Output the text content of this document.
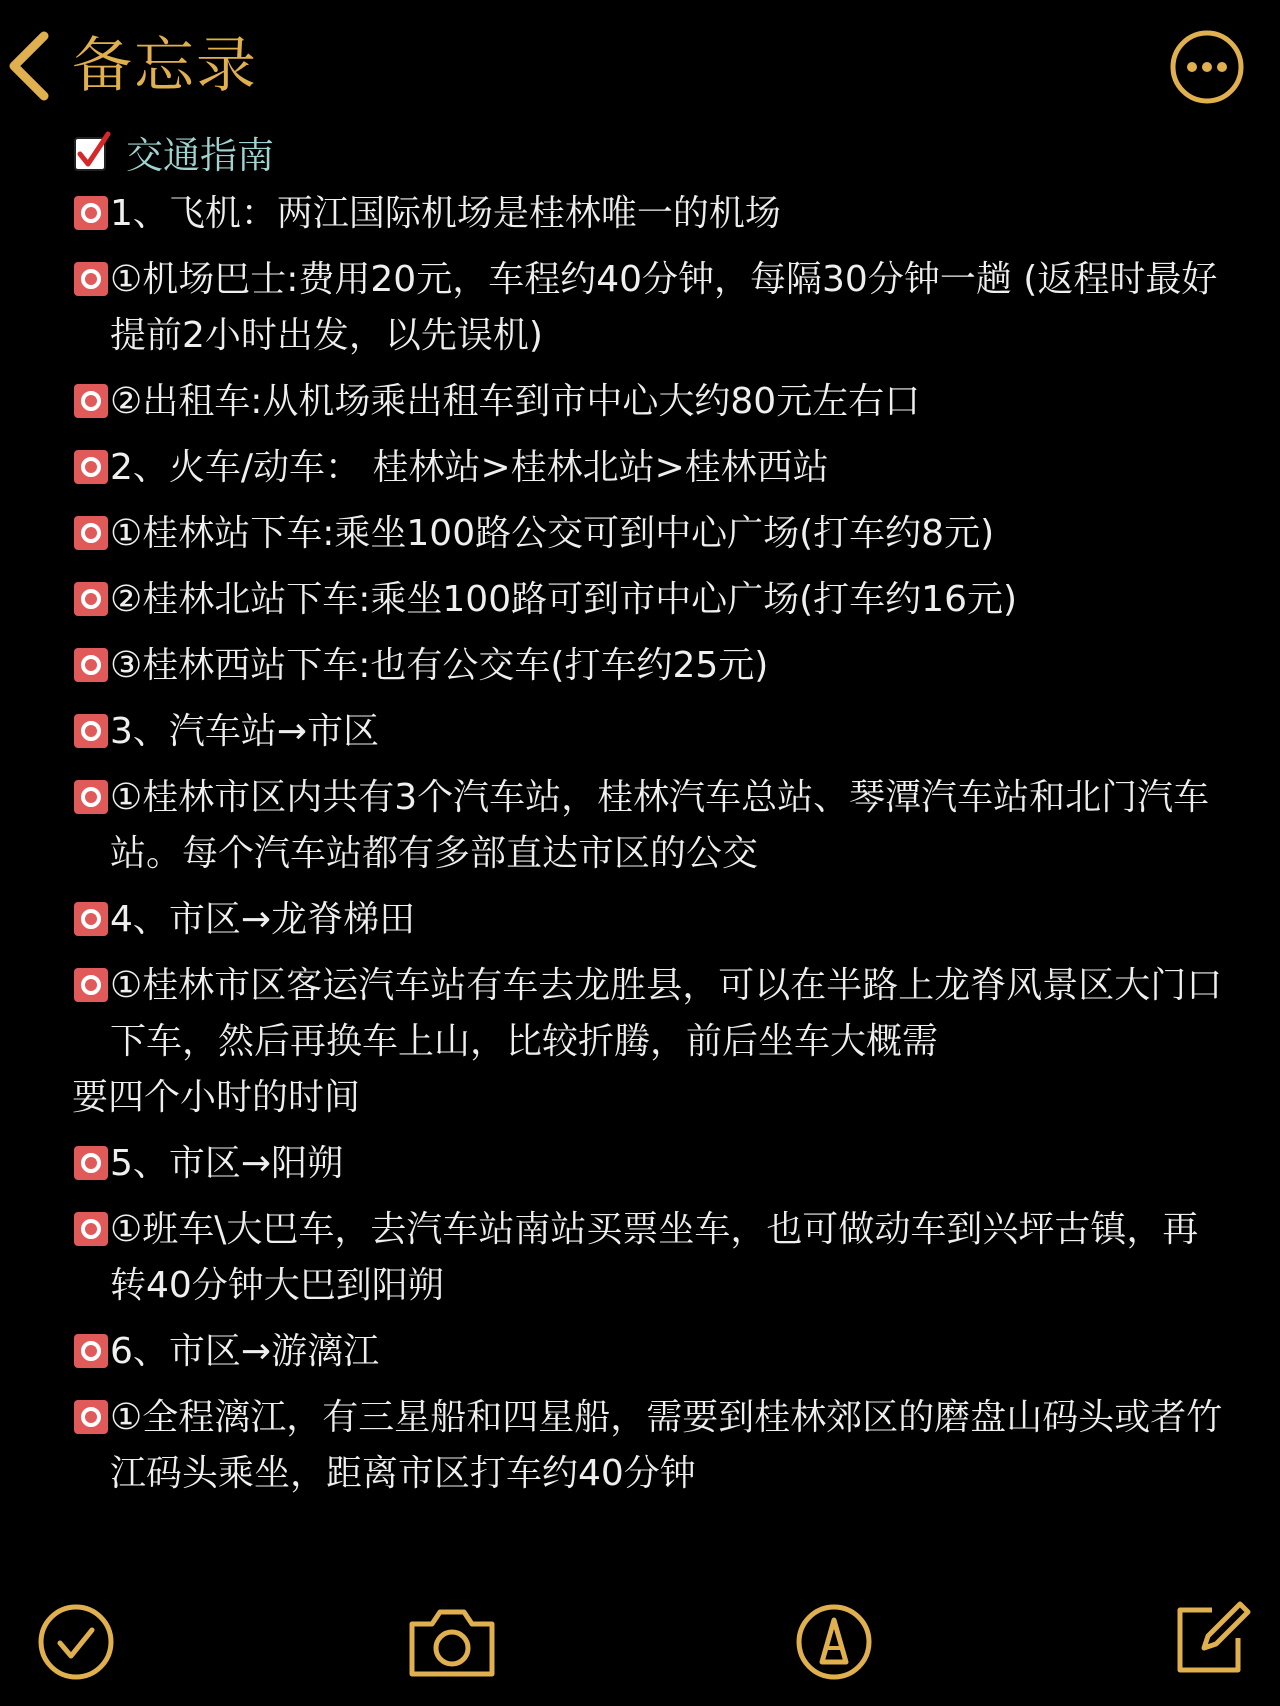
备忘录
交通指南
1、飞机：两江国际机场是桂林唯一的机场
①机场巴士:费用20元，车程约40分钟，每隔30分钟一趟 (返程时最好提前2小时出发，以先误机)
②出租车:从机场乘出租车到市中心大约80元左右口
2、火车/动车： 桂林站>桂林北站>桂林西站
①桂林站下车:乘坐100路公交可到中心广场(打车约8元)
②桂林北站下车:乘坐100路可到市中心广场(打车约16元)
③桂林西站下车:也有公交车(打车约25元)
3、汽车站→市区
①桂林市区内共有3个汽车站，桂林汽车总站、琴潭汽车站和北门汽车站。每个汽车站都有多部直达市区的公交
4、市区→龙脊梯田
①桂林市区客运汽车站有车去龙胜县，可以在半路上龙脊风景区大门口下车，然后再换车上山，比较折腾，前后坐车大概需
要四个小时的时间
5、市区→阳朔
①班车\大巴车，去汽车站南站买票坐车，也可做动车到兴坪古镇，再转40分钟大巴到阳朔
6、市区→游漓江
①全程漓江，有三星船和四星船，需要到桂林郊区的磨盘山码头或者竹江码头乘坐，距离市区打车约40分钟
